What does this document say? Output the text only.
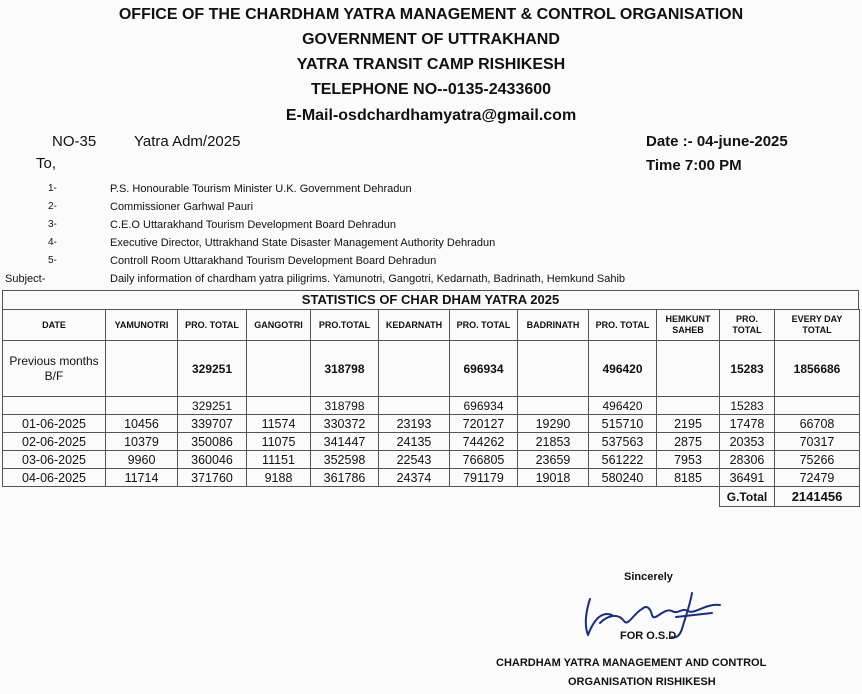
OFFICE OF THE CHARDHAM YATRA MANAGEMENT & CONTROL ORGANISATION
GOVERNMENT OF UTTRAKHAND
YATRA TRANSIT CAMP RISHIKESH
TELEPHONE NO--0135-2433600
E-Mail-osdchardhamyatra@gmail.com
NO-35	Yatra Adm/2025	Date :- 04-june-2025
To,	Time 7:00 PM
1-	P.S. Honourable Tourism Minister U.K. Government Dehradun
2-	Commissioner Garhwal Pauri
3-	C.E.O Uttarakhand Tourism Development Board Dehradun
4-	Executive Director, Uttrakhand State Disaster Management Authority Dehradun
5-	Controll Room Uttarakhand Tourism Development Board Dehradun
Subject-	Daily information of chardham yatra piligrims. Yamunotri, Gangotri, Kedarnath, Badrinath, Hemkund Sahib
STATISTICS OF CHAR DHAM YATRA 2025
DATE	YAMUNOTRI	PRO. TOTAL	GANGOTRI	PRO.TOTAL	KEDARNATH	PRO. TOTAL	BADRINATH	PRO. TOTAL	HEMKUNT SAHEB	PRO. TOTAL	EVERY DAY TOTAL
Previous months B/F		329251		318798		696934		496420		15283	1856686
		329251		318798		696934		496420		15283	
01-06-2025	10456	339707	11574	330372	23193	720127	19290	515710	2195	17478	66708
02-06-2025	10379	350086	11075	341447	24135	744262	21853	537563	2875	20353	70317
03-06-2025	9960	360046	11151	352598	22543	766805	23659	561222	7953	28306	75266
04-06-2025	11714	371760	9188	361786	24374	791179	19018	580240	8185	36491	72479
										G.Total	2141456
Sincerely
FOR O.S.D
CHARDHAM YATRA MANAGEMENT AND CONTROL
ORGANISATION RISHIKESH
